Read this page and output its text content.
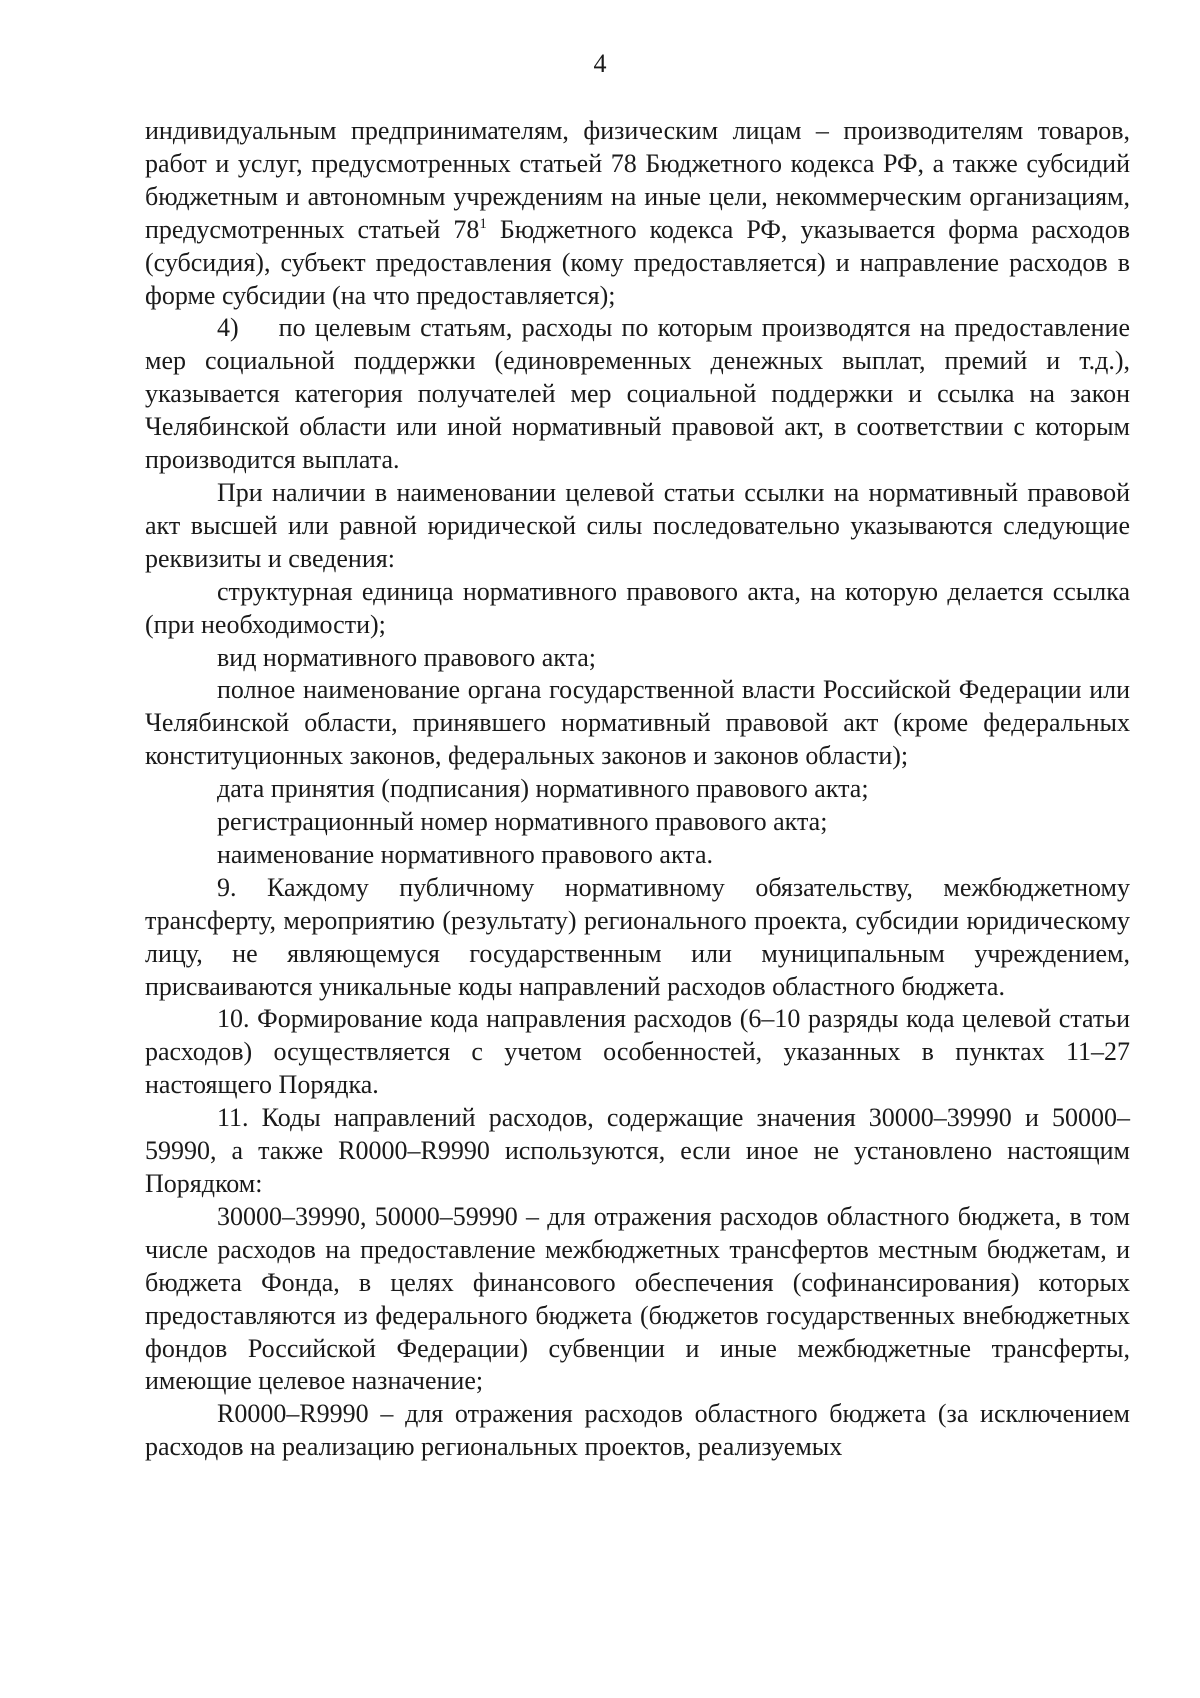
4

индивидуальным предпринимателям, физическим лицам – производителям товаров, работ и услуг, предусмотренных статьей 78 Бюджетного кодекса РФ, а также субсидий бюджетным и автономным учреждениям на иные цели, некоммерческим организациям, предусмотренных статьей $78^1$ Бюджетного кодекса РФ, указывается форма расходов (субсидия), субъект предоставления (кому предоставляется) и направление расходов в форме субсидии (на что предоставляется);

4) по целевым статьям, расходы по которым производятся на предоставление мер социальной поддержки (единовременных денежных выплат, премий и т.д.), указывается категория получателей мер социальной поддержки и ссылка на закон Челябинской области или иной нормативный правовой акт, в соответствии с которым производится выплата.

При наличии в наименовании целевой статьи ссылки на нормативный правовой акт высшей или равной юридической силы последовательно указываются следующие реквизиты и сведения:

структурная единица нормативного правового акта, на которую делается ссылка (при необходимости);

вид нормативного правового акта;

полное наименование органа государственной власти Российской Федерации или Челябинской области, принявшего нормативный правовой акт (кроме федеральных конституционных законов, федеральных законов и законов области);

дата принятия (подписания) нормативного правового акта;

регистрационный номер нормативного правового акта;

наименование нормативного правового акта.

9. Каждому публичному нормативному обязательству, межбюджетному трансферту, мероприятию (результату) регионального проекта, субсидии юридическому лицу, не являющемуся государственным или муниципальным учреждением, присваиваются уникальные коды направлений расходов областного бюджета.

10. Формирование кода направления расходов (6–10 разряды кода целевой статьи расходов) осуществляется с учетом особенностей, указанных в пунктах 11–27 настоящего Порядка.

11. Коды направлений расходов, содержащие значения 30000–39990 и 50000–59990, а также R0000–R9990 используются, если иное не установлено настоящим Порядком:

30000–39990, 50000–59990 – для отражения расходов областного бюджета, в том числе расходов на предоставление межбюджетных трансфертов местным бюджетам, и бюджета Фонда, в целях финансового обеспечения (софинансирования) которых предоставляются из федерального бюджета (бюджетов государственных внебюджетных фондов Российской Федерации) субвенции и иные межбюджетные трансферты, имеющие целевое назначение;

R0000–R9990 – для отражения расходов областного бюджета (за исключением расходов на реализацию региональных проектов, реализуемых
